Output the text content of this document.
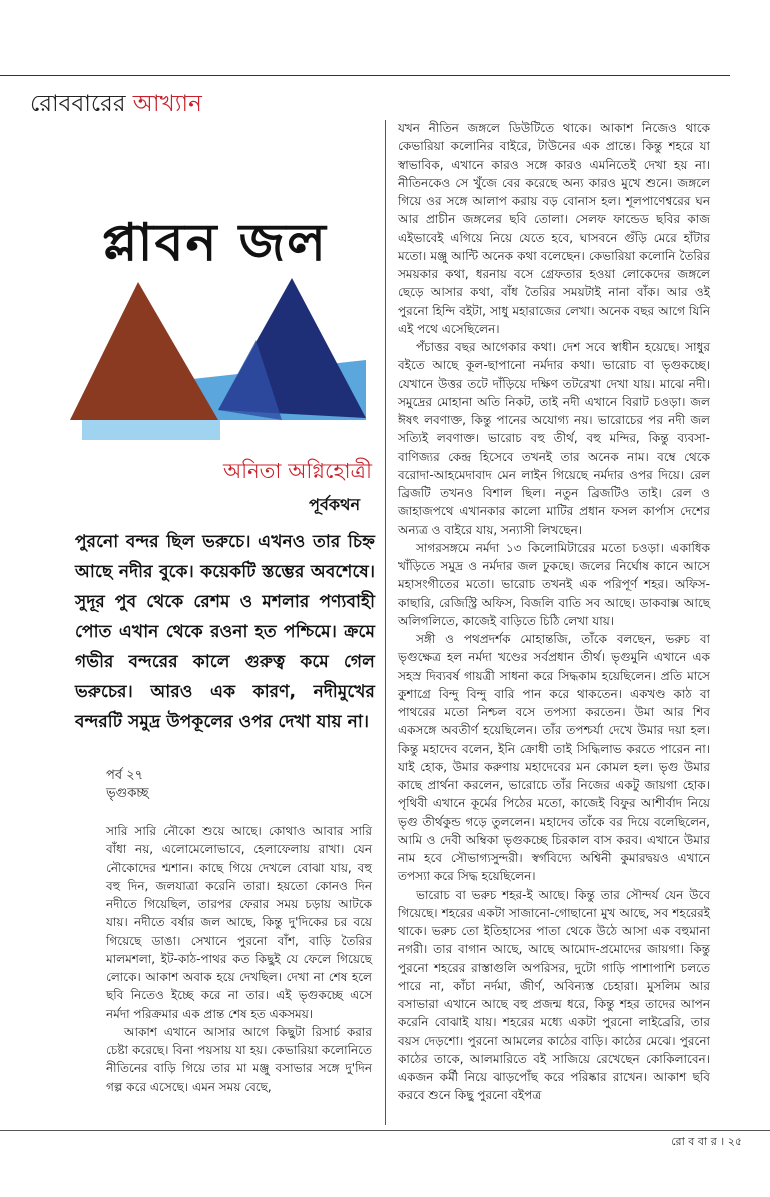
রোববারের আখ্যান
প্লাবন জল
অনিতা অগ্নিহোত্রী
পূর্বকথন

পুরনো বন্দর ছিল ভরুচে। এখনও তার চিহ্ন আছে নদীর বুকে। কয়েকটি স্তম্ভের অবশেষে। সুদূর পুব থেকে রেশম ও মশলার পণ্যবাহী পোত এখান থেকে রওনা হত পশ্চিমে। ক্রমে গভীর বন্দরের কালে গুরুত্ব কমে গেল ভরুচের। আরও এক কারণ, নদীমুখের বন্দরটি সমুদ্র উপকূলের ওপর দেখা যায় না।

পর্ব ২৭
ভৃগুকচ্ছ

সারি সারি নৌকো শুয়ে আছে। কোথাও আবার সারি বাঁধা নয়, এলোমেলোভাবে, হেলাফেলায় রাখা। যেন নৌকোদের শ্মশান। কাছে গিয়ে দেখলে বোঝা যায়, বহু বহু দিন, জলযাত্রা করেনি তারা। হয়তো কোনও দিন নদীতে গিয়েছিল, তারপর ফেরার সময় চড়ায় আটকে যায়। নদীতে বর্ষার জল আছে, কিন্তু দু'দিকের চর বয়ে গিয়েছে ডাঙা। সেখানে পুরনো বাঁশ, বাড়ি তৈরির মালমশলা, ইট-কাঠ-পাথর কত কিছুই যে ফেলে গিয়েছে লোকে। আকাশ অবাক হয়ে দেখছিল। দেখা না শেষ হলে ছবি নিতেও ইচ্ছে করে না তার। এই ভৃগুকচ্ছে এসে নর্মদা পরিক্রমার এক প্রান্ত শেষ হত একসময়।

আকাশ এখানে আসার আগে কিছুটা রিসার্চ করার চেষ্টা করেছে। বিনা পয়সায় যা হয়। কেভারিয়া কলোনিতে নীতিনের বাড়ি গিয়ে তার মা মঞ্জু বসাভার সঙ্গে দু'দিন গল্প করে এসেছে। এমন সময় বেছে,

যখন নীতিন জঙ্গলে ডিউটিতে থাকে। আকাশ নিজেও থাকে কেভারিয়া কলোনির বাইরে, টাউনের এক প্রান্তে। কিন্তু শহরে যা স্বাভাবিক, এখানে কারও সঙ্গে কারও এমনিতেই দেখা হয় না। নীতিনকেও সে খুঁজে বের করেছে অন্য কারও মুখে শুনে। জঙ্গলে গিয়ে ওর সঙ্গে আলাপ করায় বড় বোনাস হল। শূলপাণেশ্বরের ঘন আর প্রাচীন জঙ্গলের ছবি তোলা। সেলফ ফান্ডেড ছবির কাজ এইভাবেই এগিয়ে নিয়ে যেতে হবে, ঘাসবনে গুঁড়ি মেরে হাঁটার মতো। মঞ্জু আন্টি অনেক কথা বলেছেন। কেভারিয়া কলোনি তৈরির সময়কার কথা, ধরনায় বসে গ্রেফতার হওয়া লোকেদের জঙ্গলে ছেড়ে আসার কথা, বাঁধ তৈরির সময়টাই নানা বাঁক। আর ওই পুরনো হিন্দি বইটা, সাধু মহারাজের লেখা। অনেক বছর আগে যিনি এই পথে এসেছিলেন।

পঁচাত্তর বছর আগেকার কথা। দেশ সবে স্বাধীন হয়েছে। সাধুর বইতে আছে কূল-ছাপানো নর্মদার কথা। ভারোচ বা ভৃগুকচ্ছে। যেখানে উত্তর তটে দাঁড়িয়ে দক্ষিণ তটরেখা দেখা যায়। মাঝে নদী। সমুদ্রের মোহানা অতি নিকট, তাই নদী এখানে বিরাট চওড়া। জল ঈষৎ লবণাক্ত, কিন্তু পানের অযোগ্য নয়। ভারোচের পর নদী জল সত্যিই লবণাক্ত। ভারোচ বহু তীর্থ, বহু মন্দির, কিন্তু ব্যবসা-বাণিজ্যর কেন্দ্র হিসেবে তখনই তার অনেক নাম। বম্বে থেকে বরোদা-আহমেদাবাদ মেন লাইন গিয়েছে নর্মদার ওপর দিয়ে। রেল ব্রিজটি তখনও বিশাল ছিল। নতুন ব্রিজটিও তাই। রেল ও জাহাজপথে এখানকার কালো মাটির প্রধান ফসল কার্পাস দেশের অন্যত্র ও বাইরে যায়, সন্যাসী লিখছেন।

সাগরসঙ্গমে নর্মদা ১৩ কিলোমিটারের মতো চওড়া। একাধিক খাঁড়িতে সমুদ্র ও নর্মদার জল ঢুকছে। জলের নির্ঘোষ কানে আসে মহাসংগীতের মতো। ভারোচ তখনই এক পরিপূর্ণ শহর। অফিস-কাছারি, রেজিস্ট্রি অফিস, বিজলি বাতি সব আছে। ডাকবাক্স আছে অলিগলিতে, কাজেই বাড়িতে চিঠি লেখা যায়।

সঙ্গী ও পথপ্রদর্শক মোহান্তজি, তাঁকে বলছেন, ভরুচ বা ভৃগুক্ষেত্র হল নর্মদা খণ্ডের সর্বপ্রধান তীর্থ। ভৃগুমুনি এখানে এক সহস্র দিব্যবর্ষ গায়ত্রী সাধনা করে সিদ্ধকাম হয়েছিলেন। প্রতি মাসে কুশাগ্রে বিন্দু বিন্দু বারি পান করে থাকতেন। একখণ্ড কাঠ বা পাথরের মতো নিশ্চল বসে তপস্যা করতেন। উমা আর শিব একসঙ্গে অবতীর্ণ হয়েছিলেন। তাঁর তপশ্চর্যা দেখে উমার দয়া হল। কিন্তু মহাদেব বলেন, ইনি ক্রোধী তাই সিদ্ধিলাভ করতে পারেন না। যাই হোক, উমার করুণায় মহাদেবের মন কোমল হল। ভৃগু উমার কাছে প্রার্থনা করলেন, ভারোচে তাঁর নিজের একটু জায়গা হোক। পৃথিবী এখানে কূর্মের পিঠের মতো, কাজেই বিফুর আশীর্বাদ নিয়ে ভৃগু তীর্থকুন্ড গড়ে তুললেন। মহাদেব তাঁকে বর দিয়ে বলেছিলেন, আমি ও দেবী অম্বিকা ভৃগুকচ্ছে চিরকাল বাস করব। এখানে উমার নাম হবে সৌভাগ্যসুন্দরী। স্বর্গবিদ্যে অশ্বিনী কুমারদ্বয়ও এখানে তপস্যা করে সিদ্ধ হয়েছিলেন।

ভারোচ বা ভরুচ শহর-ই আছে। কিন্তু তার সৌন্দর্য যেন উবে গিয়েছে। শহরের একটা সাজানো-গোছানো মুখ আছে, সব শহরেরই থাকে। ভরুচ তো ইতিহাসের পাতা থেকে উঠে আসা এক বহুমানা নগরী। তার বাগান আছে, আছে আমোদ-প্রমোদের জায়গা। কিন্তু পুরনো শহরের রাস্তাগুলি অপরিসর, দুটো গাড়ি পাশাপাশি চলতে পারে না, কাঁচা নর্দমা, জীর্ণ, অবিন্যস্ত চেহারা। মুসলিম আর বসাভারা এখানে আছে বহু প্রজন্ম ধরে, কিন্তু শহর তাদের আপন করেনি বোঝাই যায়। শহরের মধ্যে একটা পুরনো লাইব্রেরি, তার বয়স দেড়শো। পুরনো আমলের কাঠের বাড়ি। কাঠের মেঝে। পুরনো কাঠের তাকে, আলমারিতে বই সাজিয়ে রেখেছেন কোকিলাবেন। একজন কর্মী নিয়ে ঝাড়পোঁছ করে পরিষ্কার রাখেন। আকাশ ছবি করবে শুনে কিছু পুরনো বইপত্র

রো ব বা র । ২৫
